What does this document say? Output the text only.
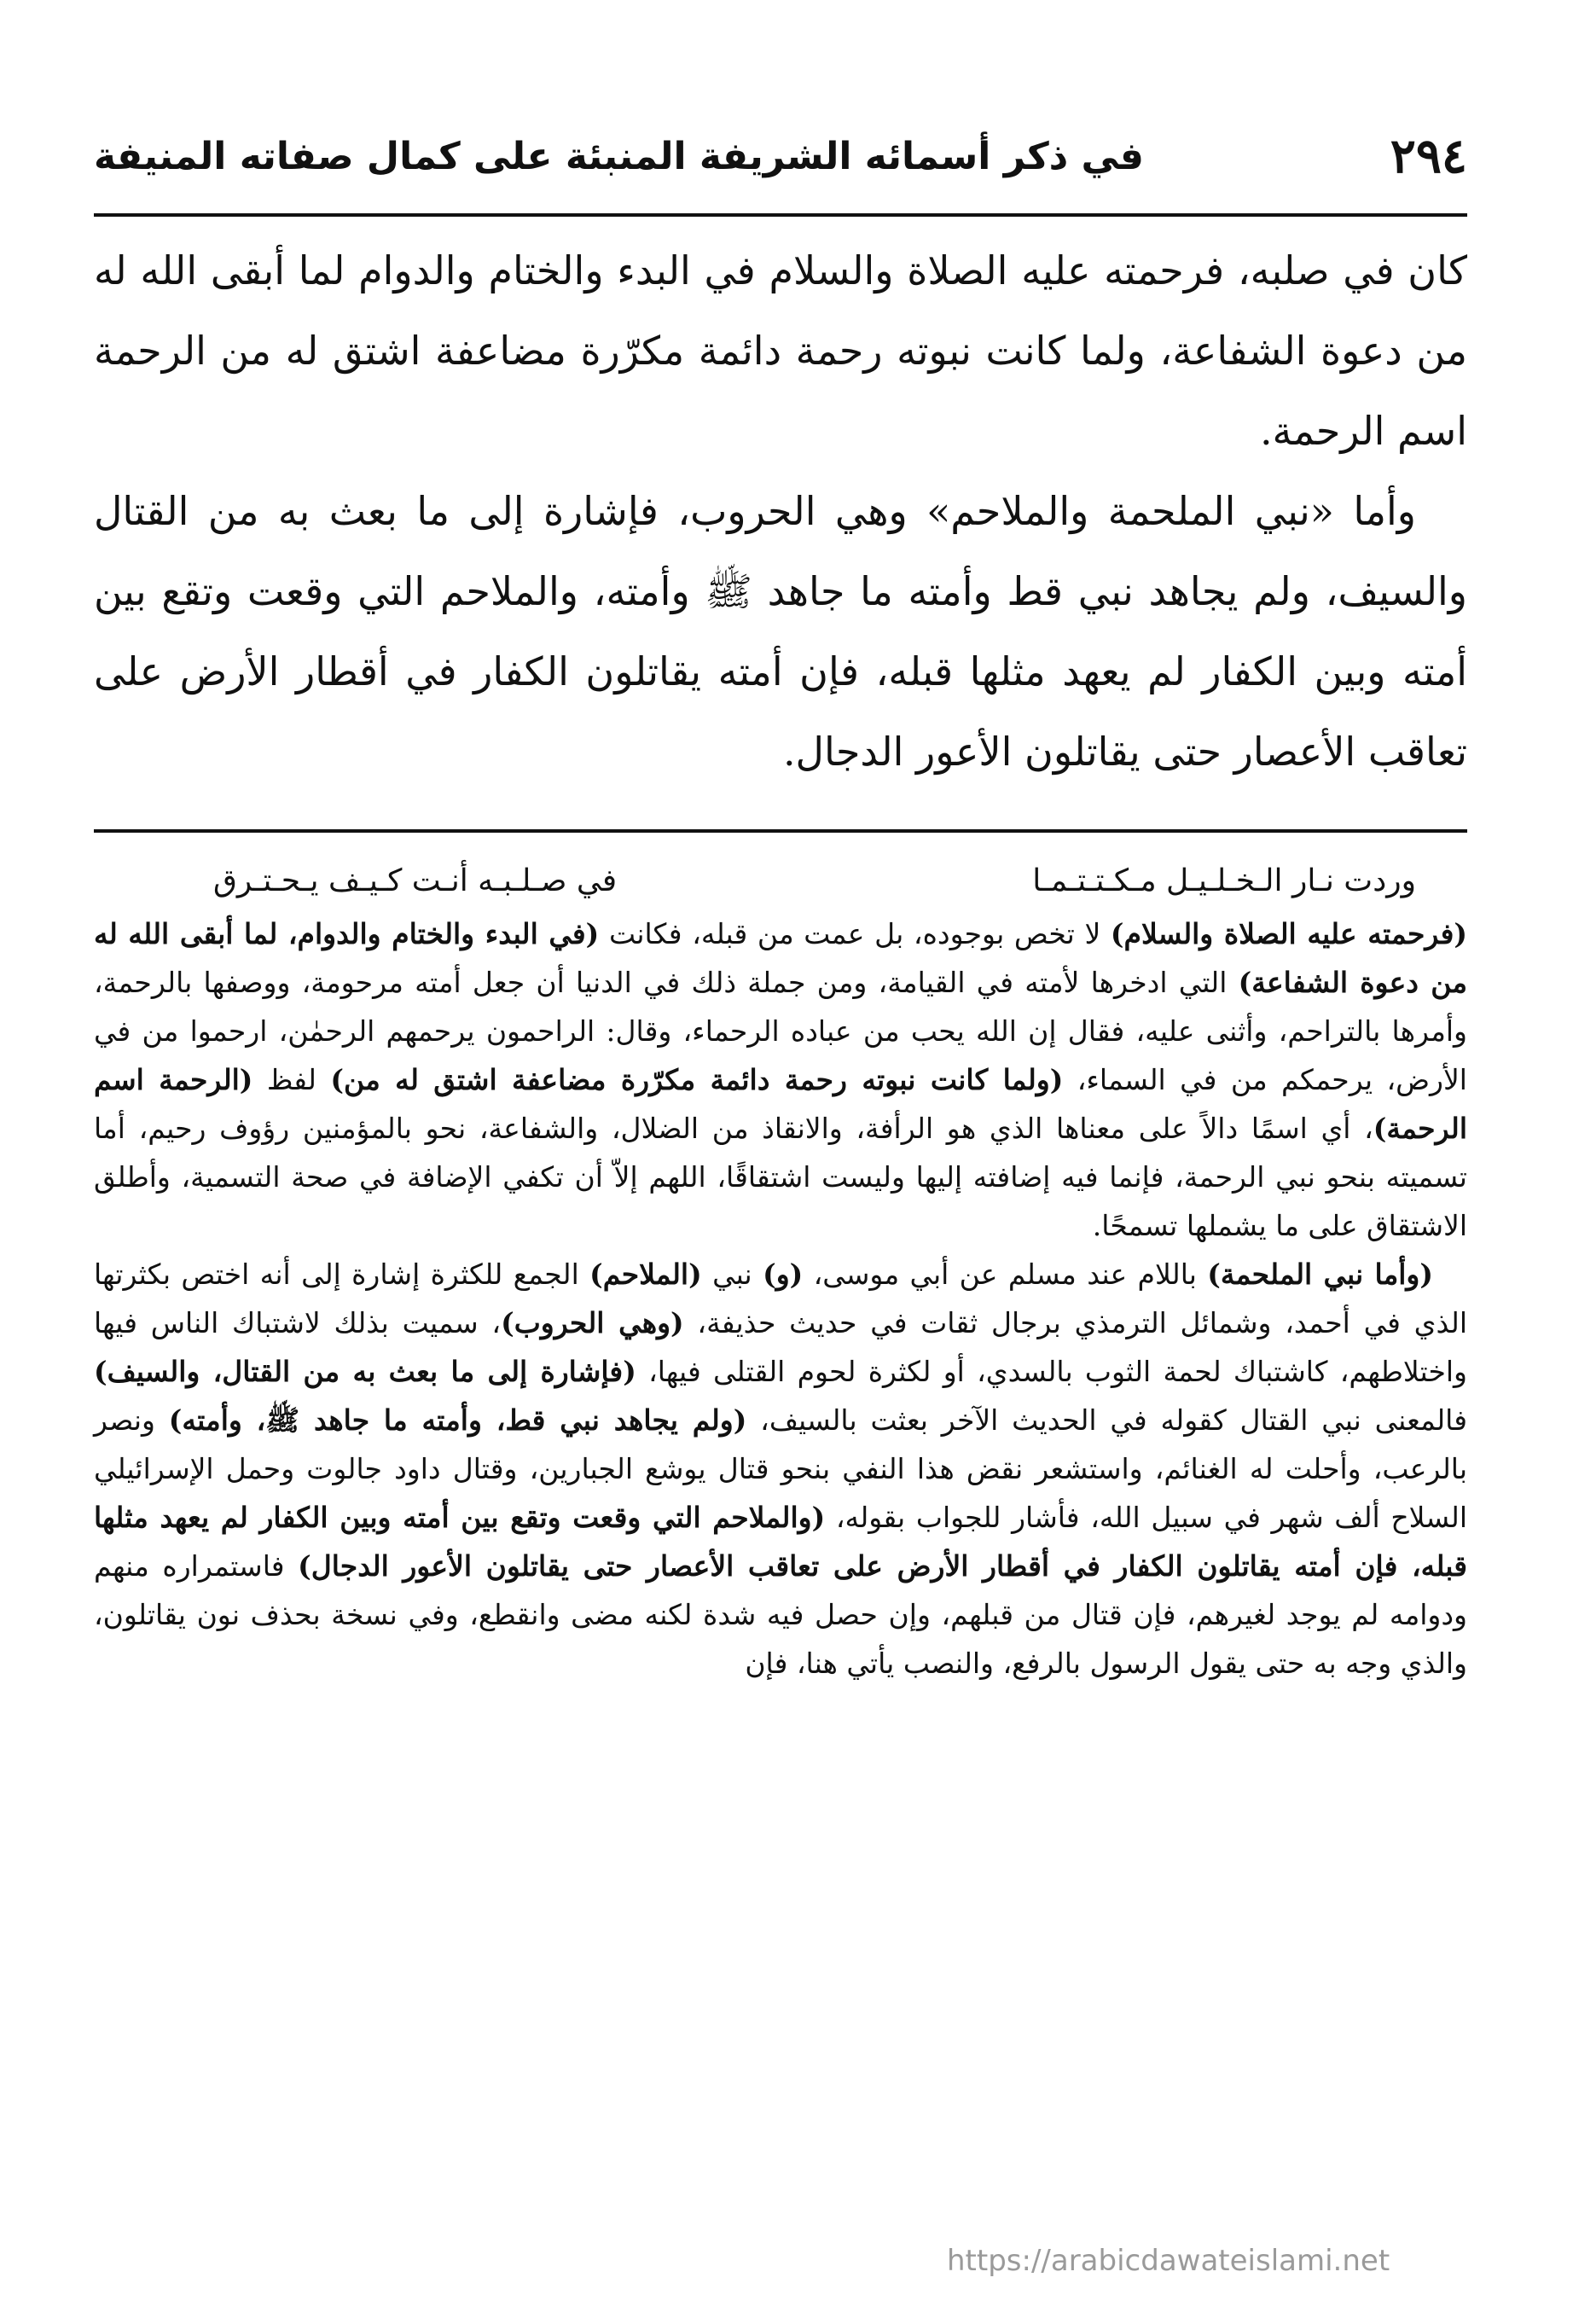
٢٩٤
في ذكر أسمائه الشريفة المنبئة على كمال صفاته المنيفة

كان في صلبه، فرحمته عليه الصلاة والسلام في البدء والختام والدوام لما أبقى الله له من دعوة الشفاعة، ولما كانت نبوته رحمة دائمة مكرّرة مضاعفة اشتق له من الرحمة اسم الرحمة.

وأما «نبي الملحمة والملاحم» وهي الحروب، فإشارة إلى ما بعث به من القتال والسيف، ولم يجاهد نبي قط وأمته ما جاهد ﷺ وأمته، والملاحم التي وقعت وتقع بين أمته وبين الكفار لم يعهد مثلها قبله، فإن أمته يقاتلون الكفار في أقطار الأرض على تعاقب الأعصار حتى يقاتلون الأعور الدجال.

وردت نـار الـخـلـيـل مـكـتـتـمـا
في صـلـبـه أنـت كـيـف يـحـتـرق

(فرحمته عليه الصلاة والسلام) لا تخص بوجوده، بل عمت من قبله، فكانت (في البدء والختام والدوام، لما أبقى الله له من دعوة الشفاعة) التي ادخرها لأمته في القيامة، ومن جملة ذلك في الدنيا أن جعل أمته مرحومة، ووصفها بالرحمة، وأمرها بالتراحم، وأثنى عليه، فقال إن الله يحب من عباده الرحماء، وقال: الراحمون يرحمهم الرحمٰن، ارحموا من في الأرض، يرحمكم من في السماء، (ولما كانت نبوته رحمة دائمة مكرّرة مضاعفة اشتق له من) لفظ (الرحمة اسم الرحمة)، أي اسمًا دالاً على معناها الذي هو الرأفة، والانقاذ من الضلال، والشفاعة، نحو بالمؤمنين رؤوف رحيم، أما تسميته بنحو نبي الرحمة، فإنما فيه إضافته إليها وليست اشتقاقًا، اللهم إلاّ أن تكفي الإضافة في صحة التسمية، وأطلق الاشتقاق على ما يشملها تسمحًا.

(وأما نبي الملحمة) باللام عند مسلم عن أبي موسى، (و) نبي (الملاحم) الجمع للكثرة إشارة إلى أنه اختص بكثرتها الذي في أحمد، وشمائل الترمذي برجال ثقات في حديث حذيفة، (وهي الحروب)، سميت بذلك لاشتباك الناس فيها واختلاطهم، كاشتباك لحمة الثوب بالسدي، أو لكثرة لحوم القتلى فيها، (فإشارة إلى ما بعث به من القتال، والسيف) فالمعنى نبي القتال كقوله في الحديث الآخر بعثت بالسيف، (ولم يجاهد نبي قط، وأمته ما جاهد ﷺ، وأمته) ونصر بالرعب، وأحلت له الغنائم، واستشعر نقض هذا النفي بنحو قتال يوشع الجبارين، وقتال داود جالوت وحمل الإسرائيلي السلاح ألف شهر في سبيل الله، فأشار للجواب بقوله، (والملاحم التي وقعت وتقع بين أمته وبين الكفار لم يعهد مثلها قبله، فإن أمته يقاتلون الكفار في أقطار الأرض على تعاقب الأعصار حتى يقاتلون الأعور الدجال) فاستمراره منهم ودوامه لم يوجد لغيرهم، فإن قتال من قبلهم، وإن حصل فيه شدة لكنه مضى وانقطع، وفي نسخة بحذف نون يقاتلون، والذي وجه به حتى يقول الرسول بالرفع، والنصب يأتي هنا، فإن

https://arabicdawateislami.net
